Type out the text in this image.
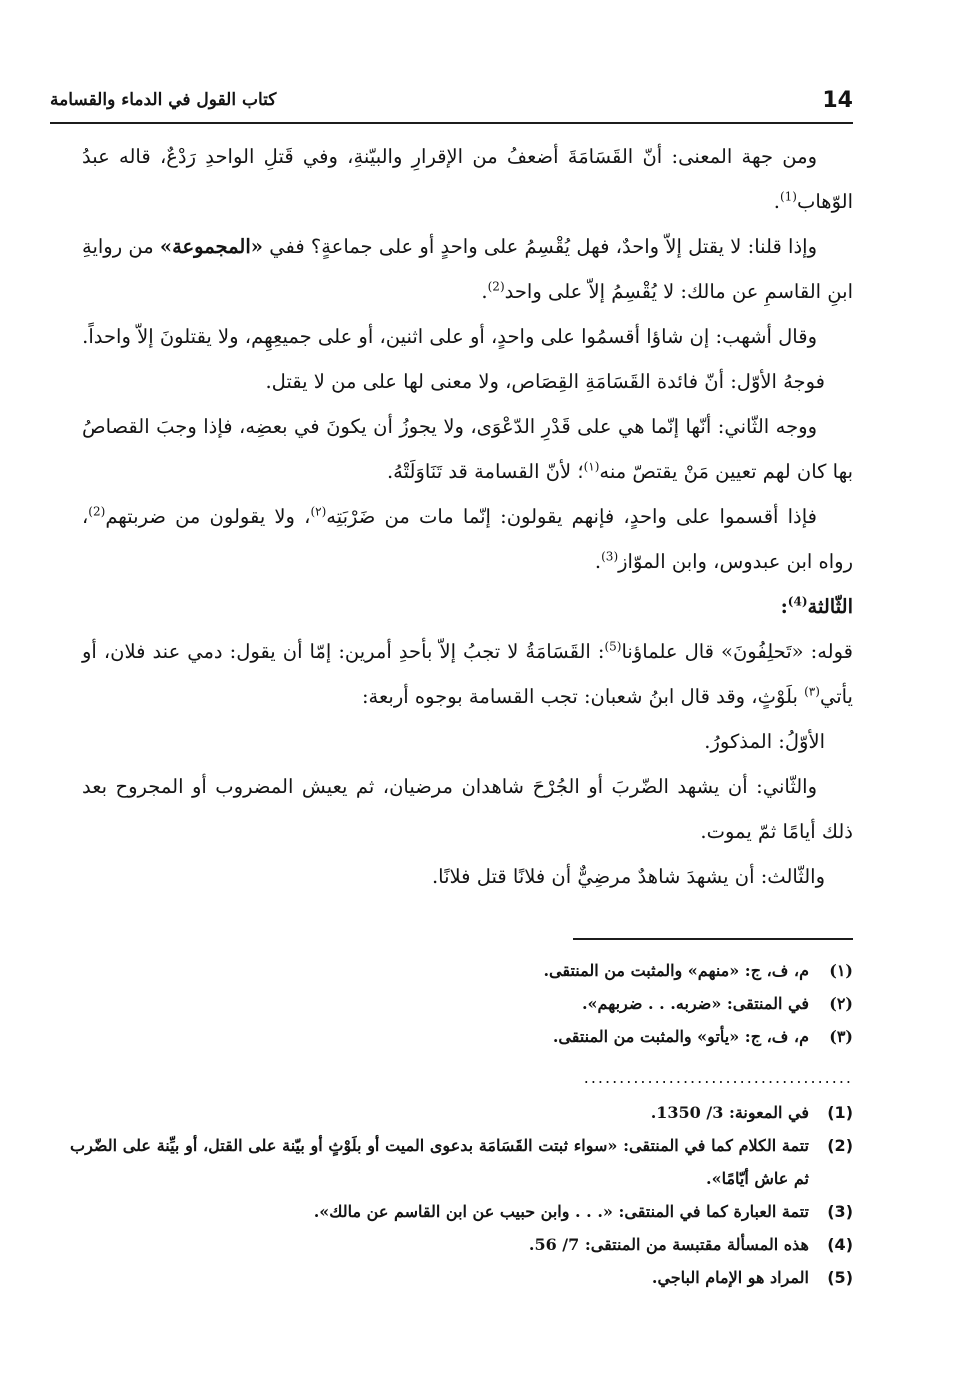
14
كتاب القول في الدماء والقسامة

ومن جهة المعنى: أنّ القَسَامَةَ أضعفُ من الإقرارِ والبيّنةِ، وفي قَتلِ الواحدِ رَدْعٌ، قاله عبدُ الوّهاب$^{(1)}$.

وإذا قلنا: لا يقتل إلاّ واحدٌ، فهل يُقْسِمُ على واحدٍ أو على جماعةٍ؟ ففي «المجموعة» من روايةِ ابنِ القاسمِ عن مالك: لا يُقْسِمُ إلاّ على واحد$^{(2)}$.

وقال أشهب: إن شاؤا أقسمُوا على واحدٍ، أو على اثنين، أو على جميعِهِم، ولا يقتلونَ إلاّ واحداً.

فوجهُ الأوّل: أنّ فائدة القَسَامَةِ القِصَاص، ولا معنى لها على من لا يقتل.

ووجه الثّاني: أنّها إنّما هي على قَدْرِ الدّعْوَى، ولا يجوزُ أن يكونَ في بعضِه، فإذا وجبَ القصاصُ بها كان لهم تعيين مَنْ يقتصّ منه$^{(١)}$؛ لأنّ القسامة قد تَنَاوَلَتْهُ.

فإذا أقسموا على واحدٍ، فإنهم يقولون: إنّما مات من ضَرْبَتِه$^{(٢)}$، ولا يقولون من ضربتهم$^{(2)}$، رواه ابن عبدوس، وابن الموّاز$^{(3)}$.

الثّالثة$^{(4)}$:

قوله: «تَحلِفُونَ» قال علماؤنا$^{(5)}$: القَسَامَةُ لا تجبُ إلاّ بأحدِ أمرين: إمّا أن يقول: دمي عند فلان، أو يأتي$^{(٣)}$ بلَوْثٍ، وقد قال ابنُ شعبان: تجب القسامة بوجوه أربعة:

الأوّلُ: المذكورُ.

والثّاني: أن يشهد الضّربَ أو الجُرْحَ شاهدان مرضيان، ثم يعيش المضروب أو المجروح بعد ذلك أيامًا ثمّ يموت.

والثّالث: أن يشهدَ شاهدٌ مرضِيٌّ أن فلانًا قتل فلانًا.

(١)
م، ف، ج: «منهم» والمثبت من المنتقى.
(٢)
في المنتقى: «ضربه. . . ضربهم».
(٣)
م، ف، ج: «يأتو» والمثبت من المنتقى.
......................................
(1)
في المعونة: 3/ 1350.
(2)
تتمة الكلام كما في المنتقى: «سواء ثبتت القَسَامَة بدعوى الميت أو بلَوْثٍ أو بيّنة على القتل، أو بيِّنة على الضّرب ثم عاش أيّامًا».
(3)
تتمة العبارة كما في المنتقى: «. . . وابن حبيب عن ابن القاسم عن مالك».
(4)
هذه المسألة مقتبسة من المنتقى: 7/ 56.
(5)
المراد هو الإمام الباجي.
